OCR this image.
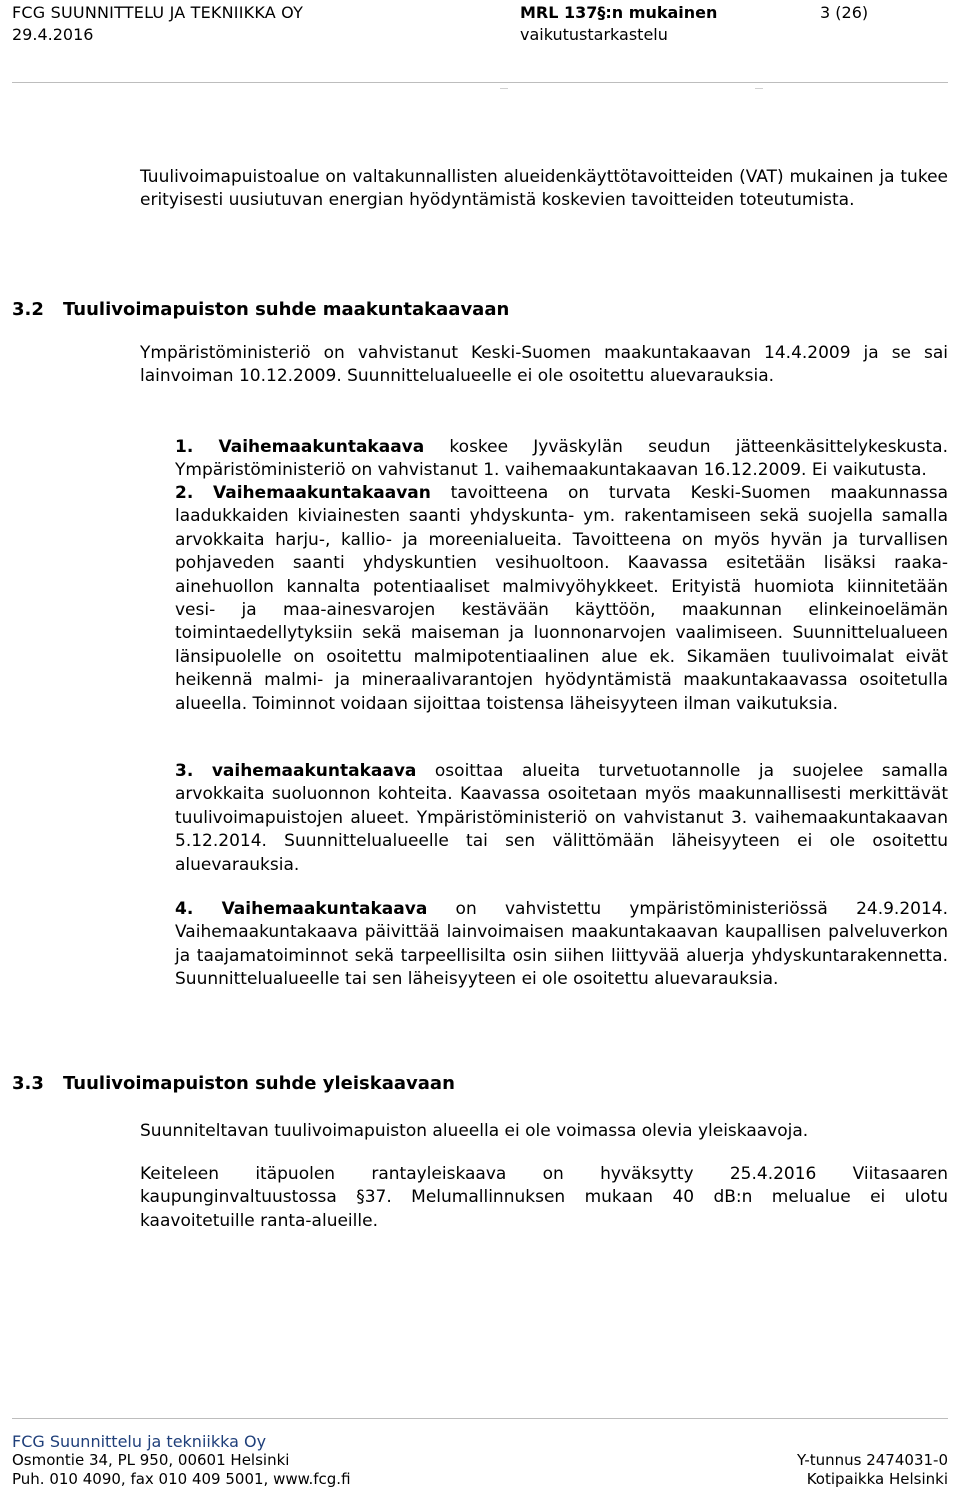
FCG SUUNNITTELU JA TEKNIIKKA OY
29.4.2016
MRL 137§:n mukainen
vaikutustarkastelu
3 (26)

Tuulivoimapuistoalue on valtakunnallisten alueidenkäyttötavoitteiden (VAT) mukainen ja tukee erityisesti uusiutuvan energian hyödyntämistä koskevien tavoitteiden toteutumista.

3.2 Tuulivoimapuiston suhde maakuntakaavaan

Ympäristöministeriö on vahvistanut Keski-Suomen maakuntakaavan 14.4.2009 ja se sai lainvoiman 10.12.2009. Suunnittelualueelle ei ole osoitettu aluevarauksia.

1. Vaihemaakuntakaava koskee Jyväskylän seudun jätteenkäsittelykeskusta. Ympäristöministeriö on vahvistanut 1. vaihemaakuntakaavan 16.12.2009. Ei vaikutusta.
2. Vaihemaakuntakaavan tavoitteena on turvata Keski-Suomen maakunnassa laadukkaiden kiviainesten saanti yhdyskunta- ym. rakentamiseen sekä suojella samalla arvokkaita harju-, kallio- ja moreenialueita. Tavoitteena on myös hyvän ja turvallisen pohjaveden saanti yhdyskuntien vesihuoltoon. Kaavassa esitetään lisäksi raaka-ainehuollon kannalta potentiaaliset malmivyöhykkeet. Erityistä huomiota kiinnitetään vesi- ja maa-ainesvarojen kestävään käyttöön, maakunnan elinkeinoelämän toimintaedellytyksiin sekä maiseman ja luonnonarvojen vaalimiseen. Suunnittelualueen länsipuolelle on osoitettu malmipotentiaalinen alue ek. Sikamäen tuulivoimalat eivät heikennä malmi- ja mineraalivarantojen hyödyntämistä maakuntakaavassa osoitetulla alueella. Toiminnot voidaan sijoittaa toistensa läheisyyteen ilman vaikutuksia.
3. vaihemaakuntakaava osoittaa alueita turvetuotannolle ja suojelee samalla arvokkaita suoluonnon kohteita. Kaavassa osoitetaan myös maakunnallisesti merkittävät tuulivoimapuistojen alueet. Ympäristöministeriö on vahvistanut 3. vaihemaakuntakaavan 5.12.2014. Suunnittelualueelle tai sen välittömään läheisyyteen ei ole osoitettu aluevarauksia.
4. Vaihemaakuntakaava on vahvistettu ympäristöministeriössä 24.9.2014. Vaihemaakuntakaava päivittää lainvoimaisen maakuntakaavan kaupallisen palveluverkon ja taajamatoiminnot sekä tarpeellisilta osin siihen liittyvää aluerja yhdyskuntarakennetta. Suunnittelualueelle tai sen läheisyyteen ei ole osoitettu aluevarauksia.
3.3 Tuulivoimapuiston suhde yleiskaavaan

Suunniteltavan tuulivoimapuiston alueella ei ole voimassa olevia yleiskaavoja.

Keiteleen itäpuolen rantayleiskaava on hyväksytty 25.4.2016 Viitasaaren kaupunginvaltuustossa §37. Melumallinnuksen mukaan 40 dB:n melualue ei ulotu kaavoitetuille ranta-alueille.

FCG Suunnittelu ja tekniikka Oy
Osmontie 34, PL 950, 00601 Helsinki
Puh. 010 4090, fax 010 409 5001, www.fcg.fi
Y-tunnus 2474031-0
Kotipaikka Helsinki
